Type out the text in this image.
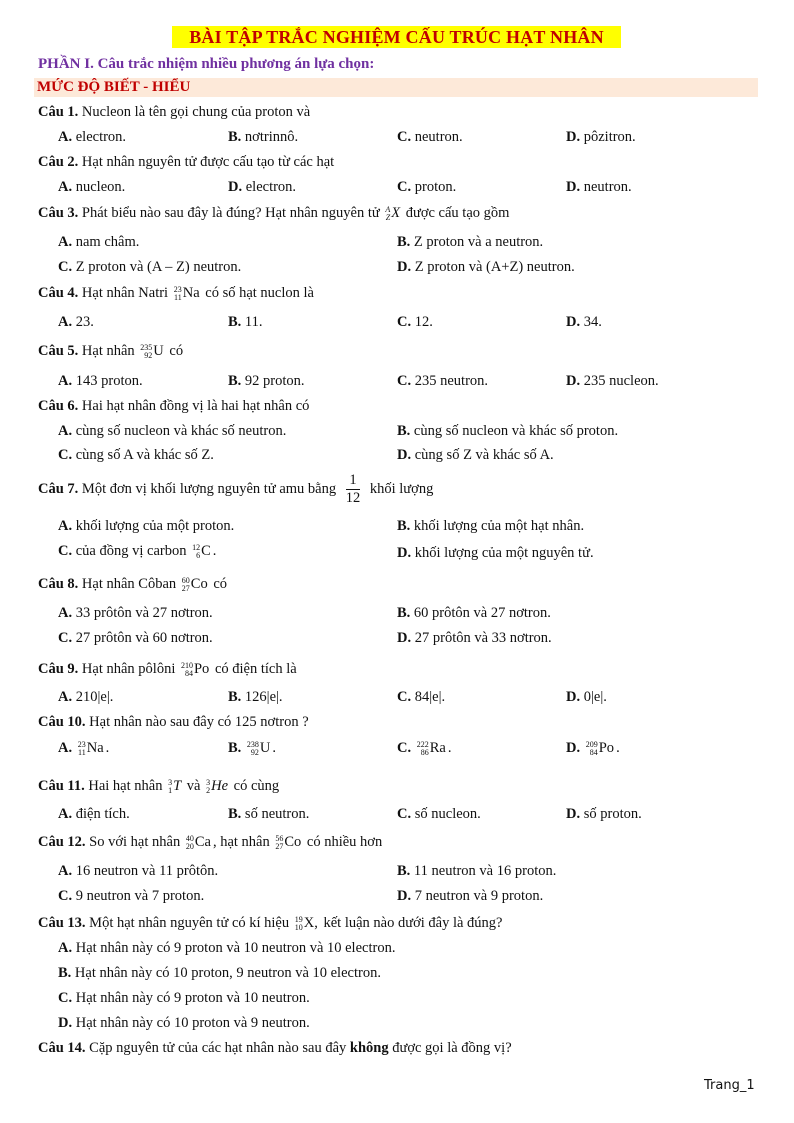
BÀI TẬP TRẮC NGHIỆM CẤU TRÚC HẠT NHÂN
PHẦN I. Câu trắc nhiệm nhiều phương án lựa chọn:
MỨC ĐỘ BIẾT - HIỂU
Câu 1. Nucleon là tên gọi chung của proton và
A. electron.	B. nơtrinnô.	C. neutron.	D. pôzitron.
Câu 2. Hạt nhân nguyên tử được cấu tạo từ các hạt
A. nucleon.	D. electron.	C. proton.	D. neutron.
Câu 3. Phát biểu nào sau đây là đúng? Hạt nhân nguyên tử A
Z X được cấu tạo gồm
A. nam châm.	B. Z proton và a neutron.
C. Z proton và (A – Z) neutron.	D. Z proton và (A+Z) neutron.
Câu 4. Hạt nhân Natri 23
11 Na có số hạt nuclon là
A. 23.	B. 11.	C. 12.	D. 34.
Câu 5. Hạt nhân 235
92 U có
A. 143 proton.	B. 92 proton.	C. 235 neutron.	D. 235 nucleon.
Câu 6. Hai hạt nhân đồng vị là hai hạt nhân có
A. cùng số nucleon và khác số neutron.	B. cùng số nucleon và khác số proton.
C. cùng số A và khác số Z.	D. cùng số Z và khác số A.
Câu 7. Một đơn vị khối lượng nguyên tử amu bằng $\frac{1}{12}$ khối lượng
A. khối lượng của một proton.	B. khối lượng của một hạt nhân.
C. của đồng vị carbon 12
6 C .	D. khối lượng của một nguyên tử.
Câu 8. Hạt nhân Côban 60
27 Co có
A. 33 prôtôn và 27 nơtron.	B. 60 prôtôn và 27 nơtron.
C. 27 prôtôn và 60 nơtron.	D. 27 prôtôn và 33 nơtron.
Câu 9. Hạt nhân pôlôni 210
84 Po có điện tích là
A. 210|e|.	B. 126|e|.	C. 84|e|.	D. 0|e|.
Câu 10. Hạt nhân nào sau đây có 125 nơtron ?
A. 23
11 Na .	B. 238
92 U .	C. 222
86 Ra .	D. 209
84 Po .
Câu 11. Hai hạt nhân 3
1 T và 3
2 He có cùng
A. điện tích.	B. số neutron.	C. số nucleon.	D. số proton.
Câu 12. So với hạt nhân 40
20 Ca , hạt nhân 56
27 Co có nhiều hơn
A. 16 neutron và 11 prôtôn.	B. 11 neutron và 16 proton.
C. 9 neutron và 7 proton.	D. 7 neutron và 9 proton.
Câu 13. Một hạt nhân nguyên tử có kí hiệu 19
10 X, kết luận nào dưới đây là đúng?
A. Hạt nhân này có 9 proton và 10 neutron và 10 electron.
B. Hạt nhân này có 10 proton, 9 neutron và 10 electron.
C. Hạt nhân này có 9 proton và 10 neutron.
D. Hạt nhân này có 10 proton và 9 neutron.
Câu 14. Cặp nguyên tử của các hạt nhân nào sau đây không được gọi là đồng vị?
Trang_1
